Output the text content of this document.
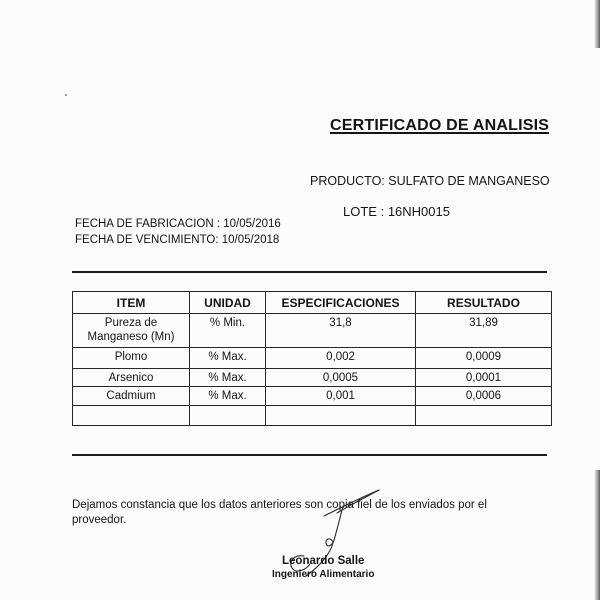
CERTIFICADO DE ANALISIS
PRODUCTO: SULFATO DE MANGANESO
LOTE : 16NH0015
FECHA DE FABRICACION : 10/05/2016
FECHA DE VENCIMIENTO: 10/05/2018
ITEM	UNIDAD	ESPECIFICACIONES	RESULTADO

Pureza de
Manganeso (Mn)	% Min.	31,8	31,89
Plomo	% Max.	0,002	0,0009
Arsenico	% Max.	0,0005	0,0001
Cadmium	% Max.	0,001	0,0006

Dejamos constancia que los datos anteriores son copia fiel de los enviados por el proveedor.
Leonardo Salle
Ingeniero Alimentario
